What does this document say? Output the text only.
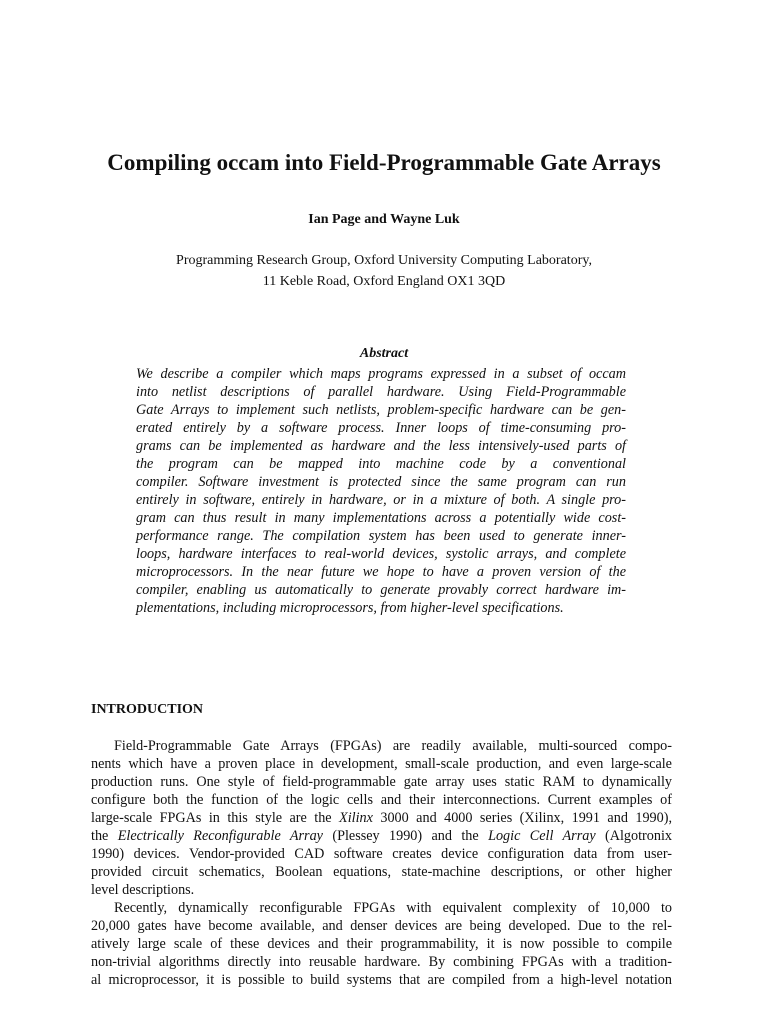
Compiling occam into Field-Programmable Gate Arrays
Ian Page and Wayne Luk
Programming Research Group, Oxford University Computing Laboratory,
11 Keble Road, Oxford England OX1 3QD
Abstract
We describe a compiler which maps programs expressed in a subset of occam
into netlist descriptions of parallel hardware. Using Field-Programmable
Gate Arrays to implement such netlists, problem-specific hardware can be gen-
erated entirely by a software process. Inner loops of time-consuming pro-
grams can be implemented as hardware and the less intensively-used parts of
the program can be mapped into machine code by a conventional
compiler. Software investment is protected since the same program can run
entirely in software, entirely in hardware, or in a mixture of both. A single pro-
gram can thus result in many implementations across a potentially wide cost-
performance range. The compilation system has been used to generate inner-
loops, hardware interfaces to real-world devices, systolic arrays, and complete
microprocessors. In the near future we hope to have a proven version of the
compiler, enabling us automatically to generate provably correct hardware im-
plementations, including microprocessors, from higher-level specifications.
INTRODUCTION
Field-Programmable Gate Arrays (FPGAs) are readily available, multi-sourced compo-
nents which have a proven place in development, small-scale production, and even large-scale
production runs. One style of field-programmable gate array uses static RAM to dynamically
configure both the function of the logic cells and their interconnections. Current examples of
large-scale FPGAs in this style are the Xilinx 3000 and 4000 series (Xilinx, 1991 and 1990),
the Electrically Reconfigurable Array (Plessey 1990) and the Logic Cell Array (Algotronix
1990) devices. Vendor-provided CAD software creates device configuration data from user-
provided circuit schematics, Boolean equations, state-machine descriptions, or other higher
level descriptions.
Recently, dynamically reconfigurable FPGAs with equivalent complexity of 10,000 to
20,000 gates have become available, and denser devices are being developed. Due to the rel-
atively large scale of these devices and their programmability, it is now possible to compile
non-trivial algorithms directly into reusable hardware. By combining FPGAs with a tradition-
al microprocessor, it is possible to build systems that are compiled from a high-level notation
